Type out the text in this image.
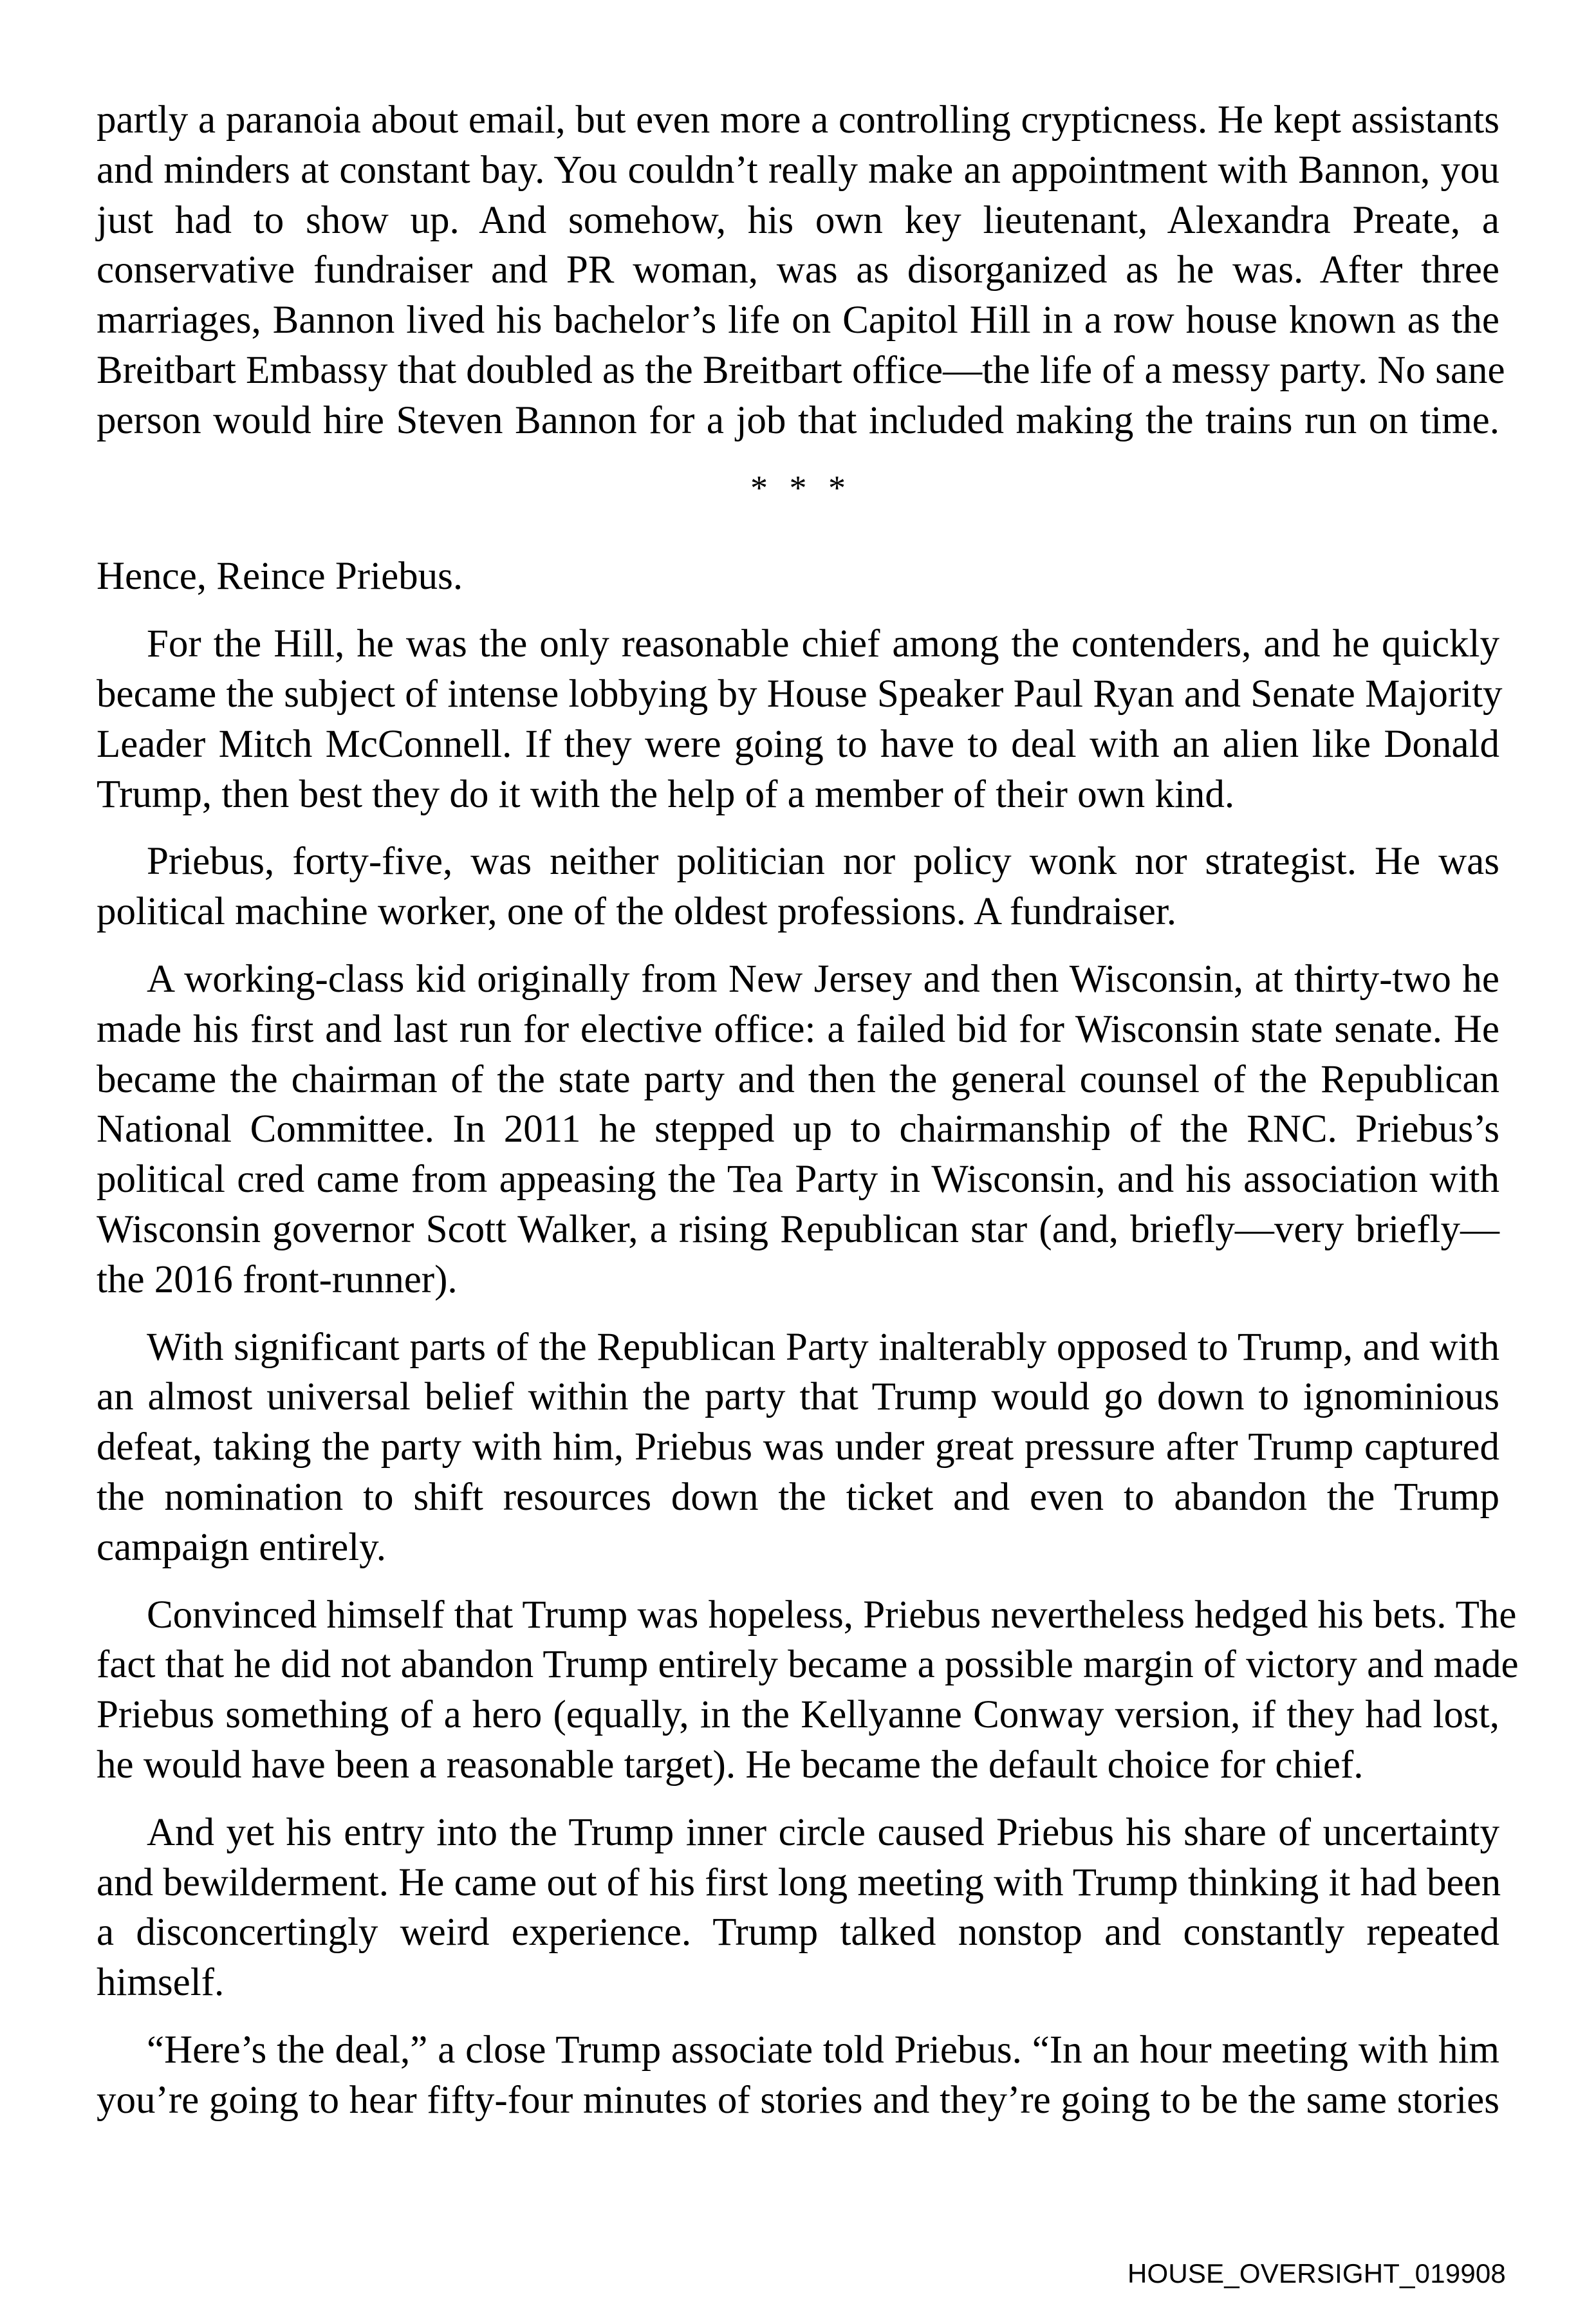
partly a paranoia about email, but even more a controlling crypticness. He kept assistants
and minders at constant bay. You couldn’t really make an appointment with Bannon, you
just had to show up. And somehow, his own key lieutenant, Alexandra Preate, a
conservative fundraiser and PR woman, was as disorganized as he was. After three
marriages, Bannon lived his bachelor’s life on Capitol Hill in a row house known as the
Breitbart Embassy that doubled as the Breitbart office—the life of a messy party. No sane
person would hire Steven Bannon for a job that included making the trains run on time.
* * *
Hence, Reince Priebus.
For the Hill, he was the only reasonable chief among the contenders, and he quickly
became the subject of intense lobbying by House Speaker Paul Ryan and Senate Majority
Leader Mitch McConnell. If they were going to have to deal with an alien like Donald
Trump, then best they do it with the help of a member of their own kind.
Priebus, forty-five, was neither politician nor policy wonk nor strategist. He was
political machine worker, one of the oldest professions. A fundraiser.
A working-class kid originally from New Jersey and then Wisconsin, at thirty-two he
made his first and last run for elective office: a failed bid for Wisconsin state senate. He
became the chairman of the state party and then the general counsel of the Republican
National Committee. In 2011 he stepped up to chairmanship of the RNC. Priebus’s
political cred came from appeasing the Tea Party in Wisconsin, and his association with
Wisconsin governor Scott Walker, a rising Republican star (and, briefly—very briefly—
the 2016 front-runner).
With significant parts of the Republican Party inalterably opposed to Trump, and with
an almost universal belief within the party that Trump would go down to ignominious
defeat, taking the party with him, Priebus was under great pressure after Trump captured
the nomination to shift resources down the ticket and even to abandon the Trump
campaign entirely.
Convinced himself that Trump was hopeless, Priebus nevertheless hedged his bets. The
fact that he did not abandon Trump entirely became a possible margin of victory and made
Priebus something of a hero (equally, in the Kellyanne Conway version, if they had lost,
he would have been a reasonable target). He became the default choice for chief.
And yet his entry into the Trump inner circle caused Priebus his share of uncertainty
and bewilderment. He came out of his first long meeting with Trump thinking it had been
a disconcertingly weird experience. Trump talked nonstop and constantly repeated
himself.
“Here’s the deal,” a close Trump associate told Priebus. “In an hour meeting with him
you’re going to hear fifty-four minutes of stories and they’re going to be the same stories
HOUSE_OVERSIGHT_019908
